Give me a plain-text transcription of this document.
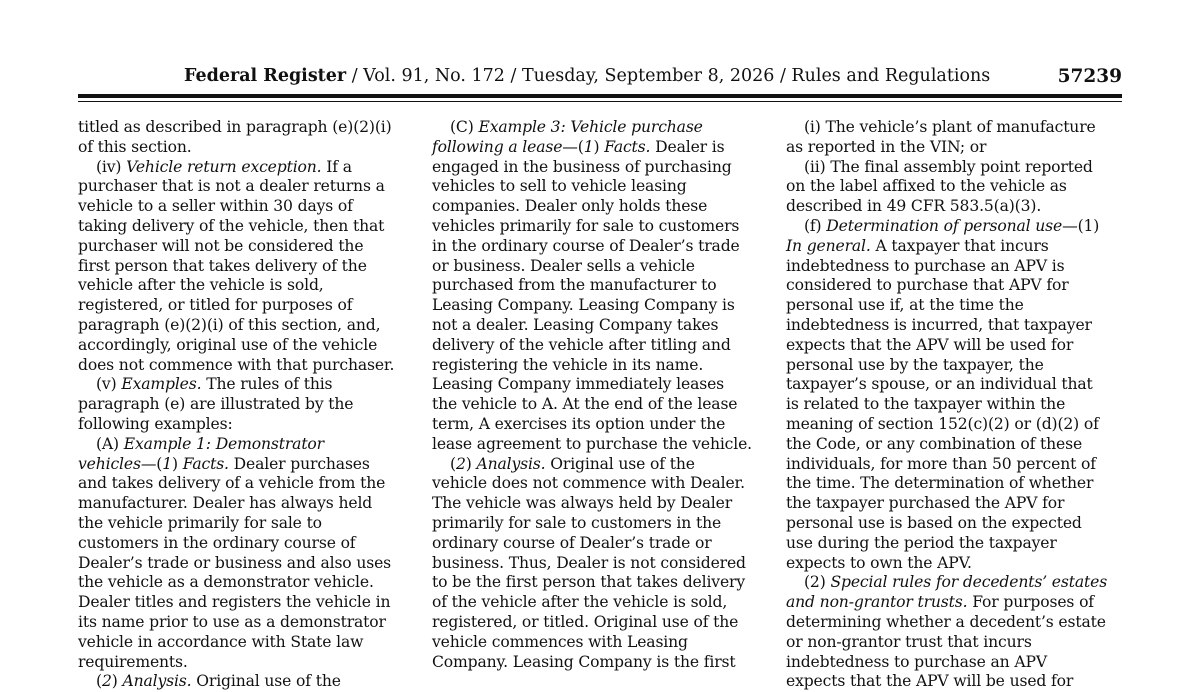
Federal Register / Vol. 91, No. 172 / Tuesday, September 8, 2026 / Rules and Regulations	57239
titled as described in paragraph (e)(2)(i)
of this section.
(iv) Vehicle return exception. If a
purchaser that is not a dealer returns a
vehicle to a seller within 30 days of
taking delivery of the vehicle, then that
purchaser will not be considered the
first person that takes delivery of the
vehicle after the vehicle is sold,
registered, or titled for purposes of
paragraph (e)(2)(i) of this section, and,
accordingly, original use of the vehicle
does not commence with that purchaser.
(v) Examples. The rules of this
paragraph (e) are illustrated by the
following examples:
(A) Example 1: Demonstrator
vehicles—(1) Facts. Dealer purchases
and takes delivery of a vehicle from the
manufacturer. Dealer has always held
the vehicle primarily for sale to
customers in the ordinary course of
Dealer’s trade or business and also uses
the vehicle as a demonstrator vehicle.
Dealer titles and registers the vehicle in
its name prior to use as a demonstrator
vehicle in accordance with State law
requirements.
(2) Analysis. Original use of the
(C) Example 3: Vehicle purchase
following a lease—(1) Facts. Dealer is
engaged in the business of purchasing
vehicles to sell to vehicle leasing
companies. Dealer only holds these
vehicles primarily for sale to customers
in the ordinary course of Dealer’s trade
or business. Dealer sells a vehicle
purchased from the manufacturer to
Leasing Company. Leasing Company is
not a dealer. Leasing Company takes
delivery of the vehicle after titling and
registering the vehicle in its name.
Leasing Company immediately leases
the vehicle to A. At the end of the lease
term, A exercises its option under the
lease agreement to purchase the vehicle.
(2) Analysis. Original use of the
vehicle does not commence with Dealer.
The vehicle was always held by Dealer
primarily for sale to customers in the
ordinary course of Dealer’s trade or
business. Thus, Dealer is not considered
to be the first person that takes delivery
of the vehicle after the vehicle is sold,
registered, or titled. Original use of the
vehicle commences with Leasing
Company. Leasing Company is the first
(i) The vehicle’s plant of manufacture
as reported in the VIN; or
(ii) The final assembly point reported
on the label affixed to the vehicle as
described in 49 CFR 583.5(a)(3).
(f) Determination of personal use—(1)
In general. A taxpayer that incurs
indebtedness to purchase an APV is
considered to purchase that APV for
personal use if, at the time the
indebtedness is incurred, that taxpayer
expects that the APV will be used for
personal use by the taxpayer, the
taxpayer’s spouse, or an individual that
is related to the taxpayer within the
meaning of section 152(c)(2) or (d)(2) of
the Code, or any combination of these
individuals, for more than 50 percent of
the time. The determination of whether
the taxpayer purchased the APV for
personal use is based on the expected
use during the period the taxpayer
expects to own the APV.
(2) Special rules for decedents’ estates
and non-grantor trusts. For purposes of
determining whether a decedent’s estate
or non-grantor trust that incurs
indebtedness to purchase an APV
expects that the APV will be used for
